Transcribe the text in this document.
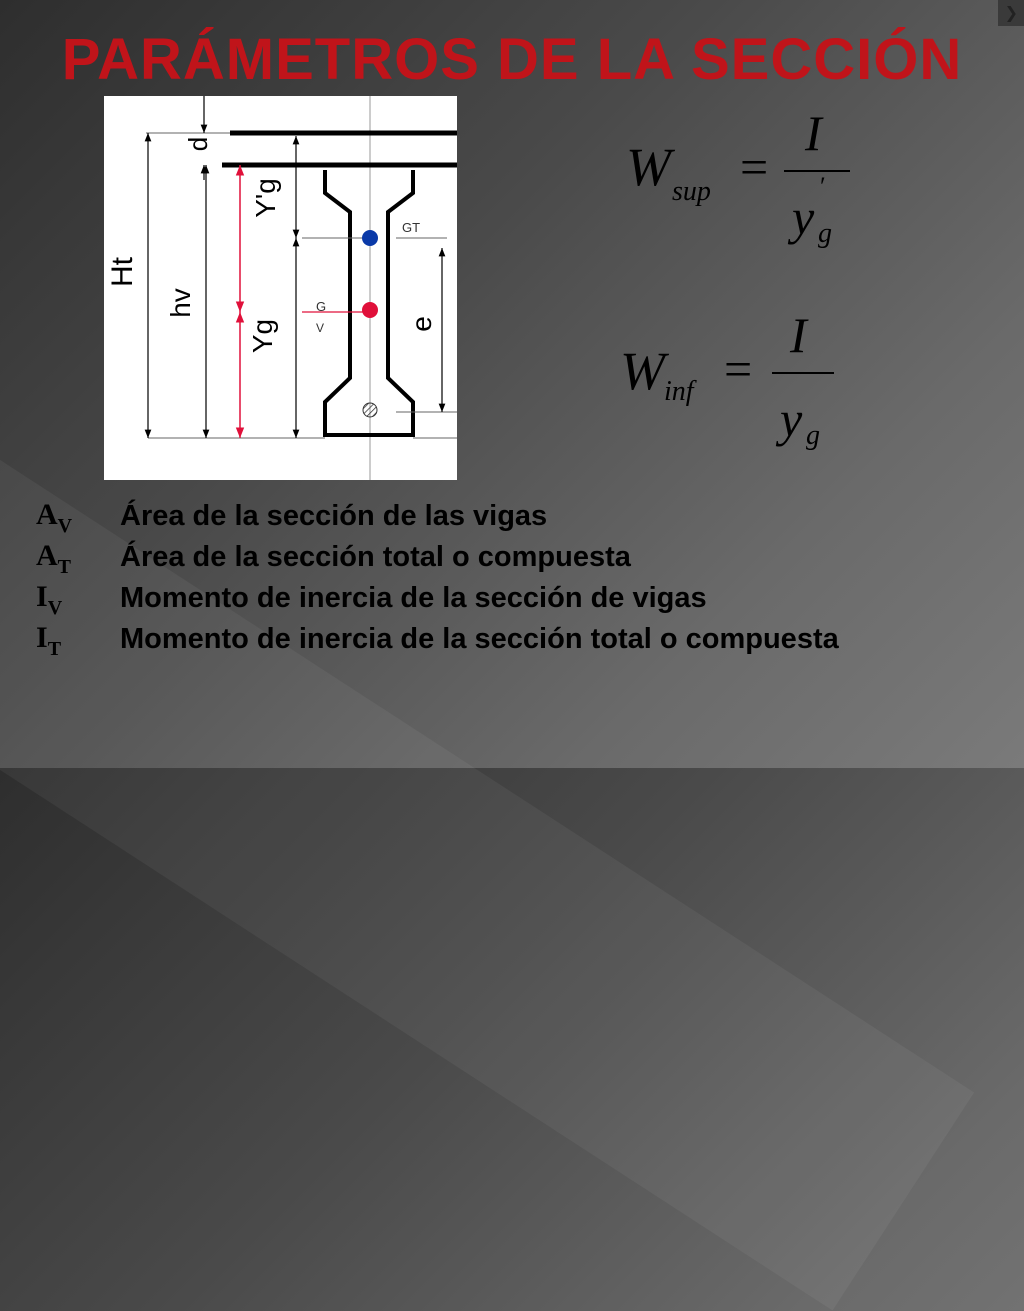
❯
PARÁMETROS DE LA SECCIÓN
d
Y'g
Ht
hv
Yg	e
GT
G
V
W sup =
I
′
y g
W inf =
I
y g
$A_V$	Área de la sección de las vigas
$A_T$	Área de la sección total o compuesta
$I_V$	Momento de inercia de la sección de vigas
$I_T$	Momento de inercia de la sección total o compuesta
